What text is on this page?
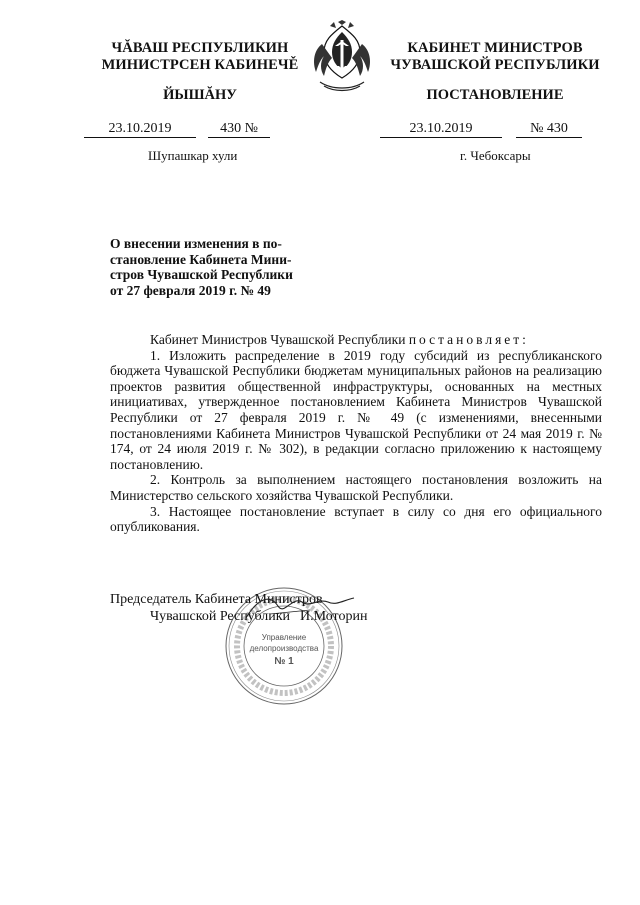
ЧĂВАШ РЕСПУБЛИКИН
МИНИСТРСЕН КАБИНЕЧĚ
ЙЫШĂНУ
КАБИНЕТ МИНИСТРОВ
ЧУВАШСКОЙ РЕСПУБЛИКИ
ПОСТАНОВЛЕНИЕ
23.10.2019	430 №	23.10.2019	№ 430
Шупашкар хули	г. Чебоксары
О внесении изменения в по-
становление Кабинета Мини-
стров Чувашской Республики
от 27 февраля 2019 г. № 49

Кабинет Министров Чувашской Республики постановляет:

1. Изложить распределение в 2019 году субсидий из республиканского бюджета Чувашской Республики бюджетам муниципальных районов на реализацию проектов развития общественной инфраструктуры, основанных на местных инициативах, утвержденное постановлением Кабинета Министров Чувашской Республики от 27 февраля 2019 г. № 49 (с изменениями, внесенными постановлениями Кабинета Министров Чувашской Республики от 24 мая 2019 г. № 174, от 24 июля 2019 г. № 302), в редакции согласно приложению к настоящему постановлению.

2. Контроль за выполнением настоящего постановления возложить на Министерство сельского хозяйства Чувашской Республики.

3. Настоящее постановление вступает в силу со дня его официального опубликования.

Управление
делопроизводства
№ 1
Председатель Кабинета Министров
Чувашской Республики И.Моторин
